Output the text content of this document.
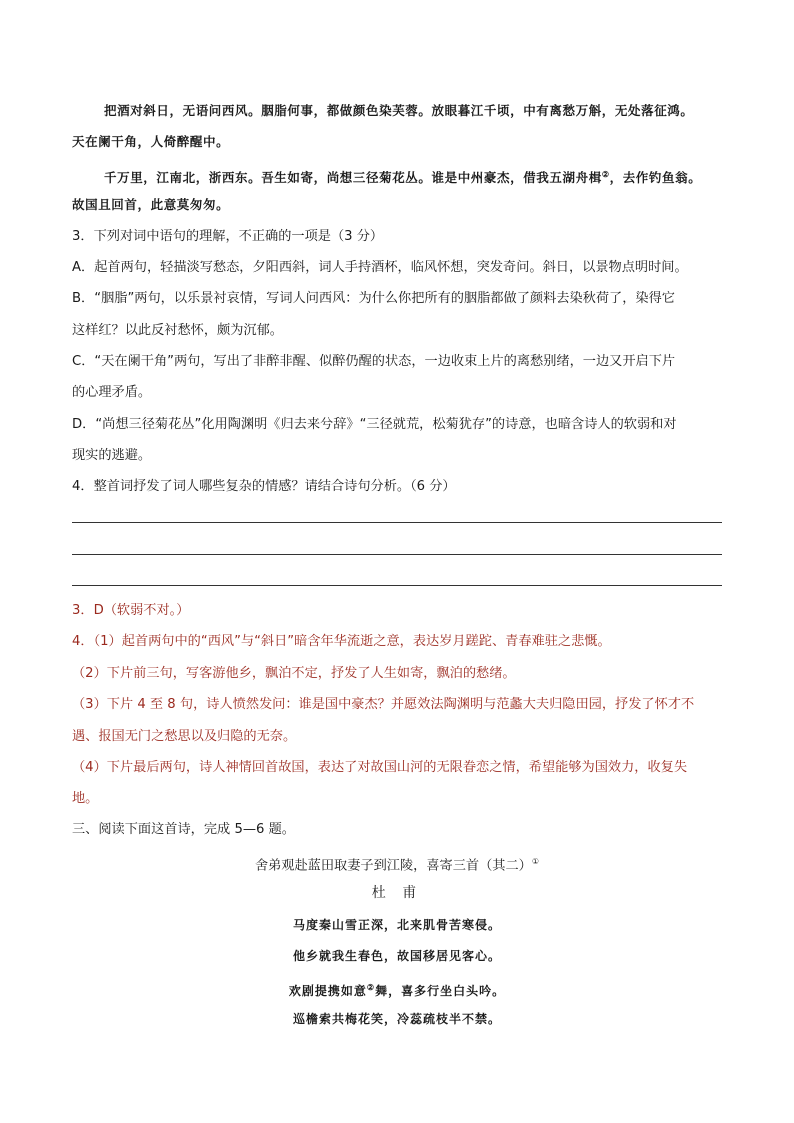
把酒对斜日，无语问西风。胭脂何事，都做颜色染芙蓉。放眼暮江千顷，中有离愁万斛，无处落征鸿。
天在阑干角，人倚醉醒中。
千万里，江南北，浙西东。吾生如寄，尚想三径菊花丛。谁是中州豪杰，借我五湖舟楫②，去作钓鱼翁。
故国且回首，此意莫匆匆。
3．下列对词中语句的理解，不正确的一项是（3 分）
A．起首两句，轻描淡写愁态，夕阳西斜，词人手持酒杯，临风怀想，突发奇问。斜日，以景物点明时间。
B．“胭脂”两句，以乐景衬哀情，写词人问西风：为什么你把所有的胭脂都做了颜料去染秋荷了，染得它
这样红？以此反衬愁怀，颇为沉郁。
C．“天在阑干角”两句，写出了非醉非醒、似醉仍醒的状态，一边收束上片的离愁别绪，一边又开启下片
的心理矛盾。
D．“尚想三径菊花丛”化用陶渊明《归去来兮辞》“三径就荒，松菊犹存”的诗意，也暗含诗人的软弱和对
现实的逃避。
4．整首词抒发了词人哪些复杂的情感？请结合诗句分析。（6 分）
3．D（软弱不对。）
4．（1）起首两句中的“西风”与“斜日”暗含年华流逝之意，表达岁月蹉跎、青春难驻之悲慨。
（2）下片前三句，写客游他乡，飘泊不定，抒发了人生如寄，飘泊的愁绪。
（3）下片 4 至 8 句，诗人愤然发问：谁是国中豪杰？并愿效法陶渊明与范蠡大夫归隐田园，抒发了怀才不
遇、报国无门之愁思以及归隐的无奈。
（4）下片最后两句，诗人神情回首故国，表达了对故国山河的无限眷恋之情，希望能够为国效力，收复失
地。
三、阅读下面这首诗，完成 5—6 题。
舍弟观赴蓝田取妻子到江陵，喜寄三首（其二）①
杜 甫
马度秦山雪正深，北来肌骨苦寒侵。
他乡就我生春色，故国移居见客心。
欢剧提携如意②舞，喜多行坐白头吟。
巡檐索共梅花笑，冷蕊疏枝半不禁。
